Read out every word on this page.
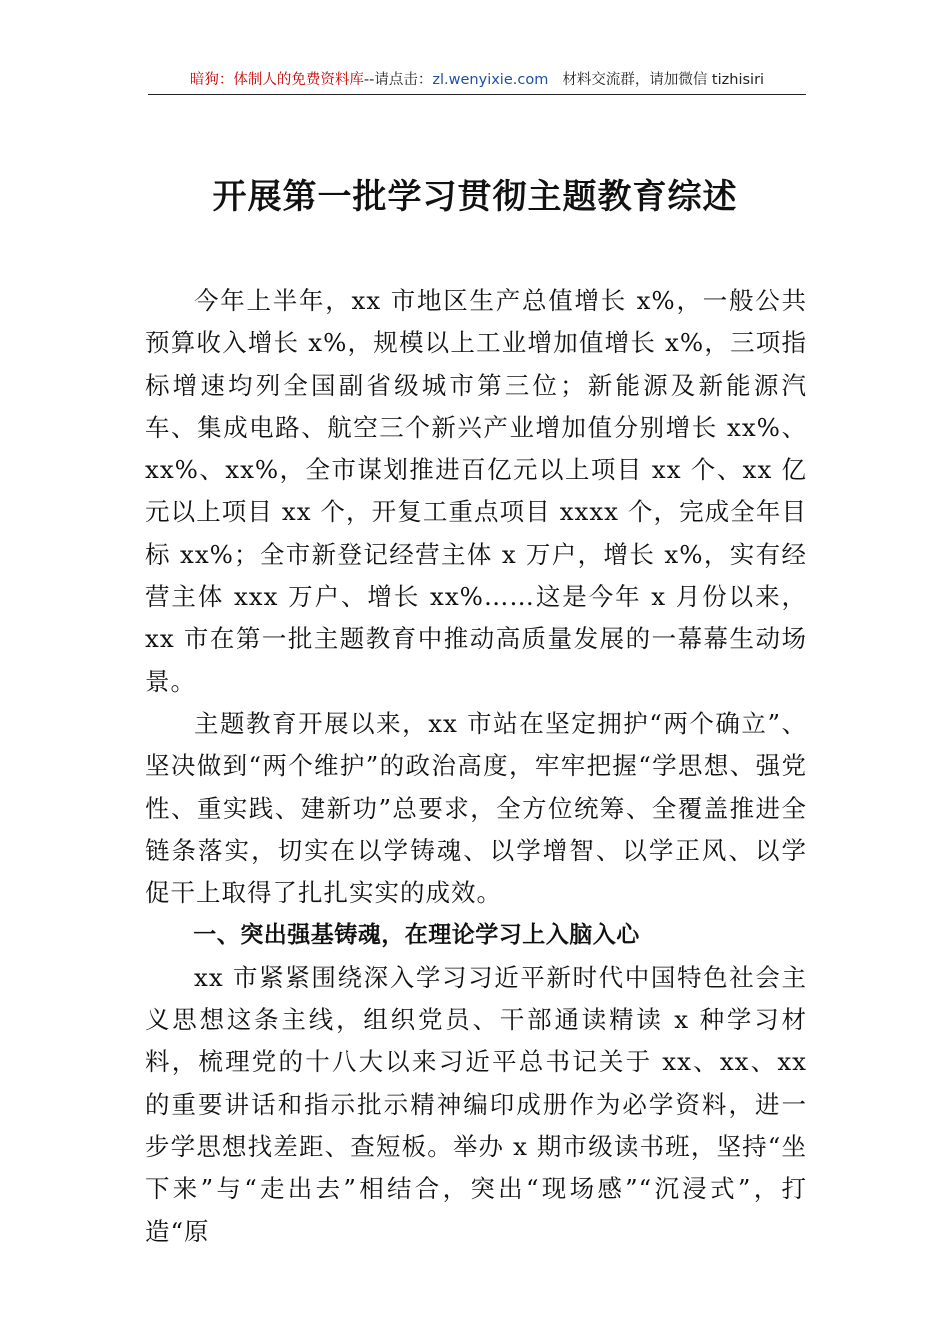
暗狗：体制人的免费资料库--请点击：zl.wenyixie.com 材料交流群，请加微信 tizhisiri
开展第一批学习贯彻主题教育综述

今年上半年，xx 市地区生产总值增长 x%，一般公共预算收入增长 x%，规模以上工业增加值增长 x%，三项指标增速均列全国副省级城市第三位；新能源及新能源汽车、集成电路、航空三个新兴产业增加值分别增长 xx%、xx%、xx%，全市谋划推进百亿元以上项目 xx 个、xx 亿元以上项目 xx 个，开复工重点项目 xxxx 个，完成全年目标 xx%；全市新登记经营主体 x 万户，增长 x%，实有经营主体 xxx 万户、增长 xx%……这是今年 x 月份以来，xx 市在第一批主题教育中推动高质量发展的一幕幕生动场景。

主题教育开展以来，xx 市站在坚定拥护“两个确立”、坚决做到“两个维护”的政治高度，牢牢把握“学思想、强党性、重实践、建新功”总要求，全方位统筹、全覆盖推进全链条落实，切实在以学铸魂、以学增智、以学正风、以学促干上取得了扎扎实实的成效。

一、突出强基铸魂，在理论学习上入脑入心

xx 市紧紧围绕深入学习习近平新时代中国特色社会主义思想这条主线，组织党员、干部通读精读 x 种学习材料，梳理党的十八大以来习近平总书记关于 xx、xx、xx 的重要讲话和指示批示精神编印成册作为必学资料，进一步学思想找差距、查短板。举办 x 期市级读书班，坚持“坐下来”与“走出去”相结合，突出“现场感”“沉浸式”，打造“原
